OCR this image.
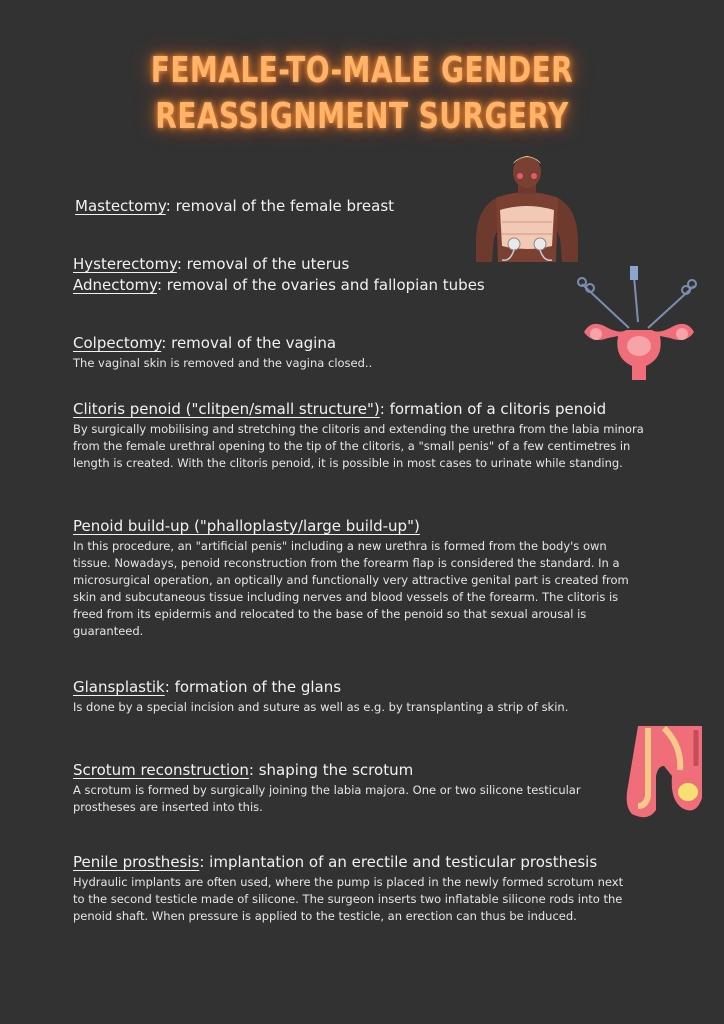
FEMALE-TO-MALE GENDER
REASSIGNMENT SURGERY

Mastectomy: removal of the female breast

Hysterectomy: removal of the uterus

Adnectomy: removal of the ovaries and fallopian tubes

Colpectomy: removal of the vagina

The vaginal skin is removed and the vagina closed..

Clitoris penoid ("clitpen/small structure"): formation of a clitoris penoid

By surgically mobilising and stretching the clitoris and extending the urethra from the labia minora from the female urethral opening to the tip of the clitoris, a "small penis" of a few centimetres in length is created. With the clitoris penoid, it is possible in most cases to urinate while standing.

Penoid build-up ("phalloplasty/large build-up")

In this procedure, an "artificial penis" including a new urethra is formed from the body's own tissue. Nowadays, penoid reconstruction from the forearm flap is considered the standard. In a microsurgical operation, an optically and functionally very attractive genital part is created from skin and subcutaneous tissue including nerves and blood vessels of the forearm. The clitoris is freed from its epidermis and relocated to the base of the penoid so that sexual arousal is guaranteed.

Glansplastik: formation of the glans

Is done by a special incision and suture as well as e.g. by transplanting a strip of skin.

Scrotum reconstruction: shaping the scrotum

A scrotum is formed by surgically joining the labia majora. One or two silicone testicular prostheses are inserted into this.

Penile prosthesis: implantation of an erectile and testicular prosthesis

Hydraulic implants are often used, where the pump is placed in the newly formed scrotum next to the second testicle made of silicone. The surgeon inserts two inflatable silicone rods into the penoid shaft. When pressure is applied to the testicle, an erection can thus be induced.
